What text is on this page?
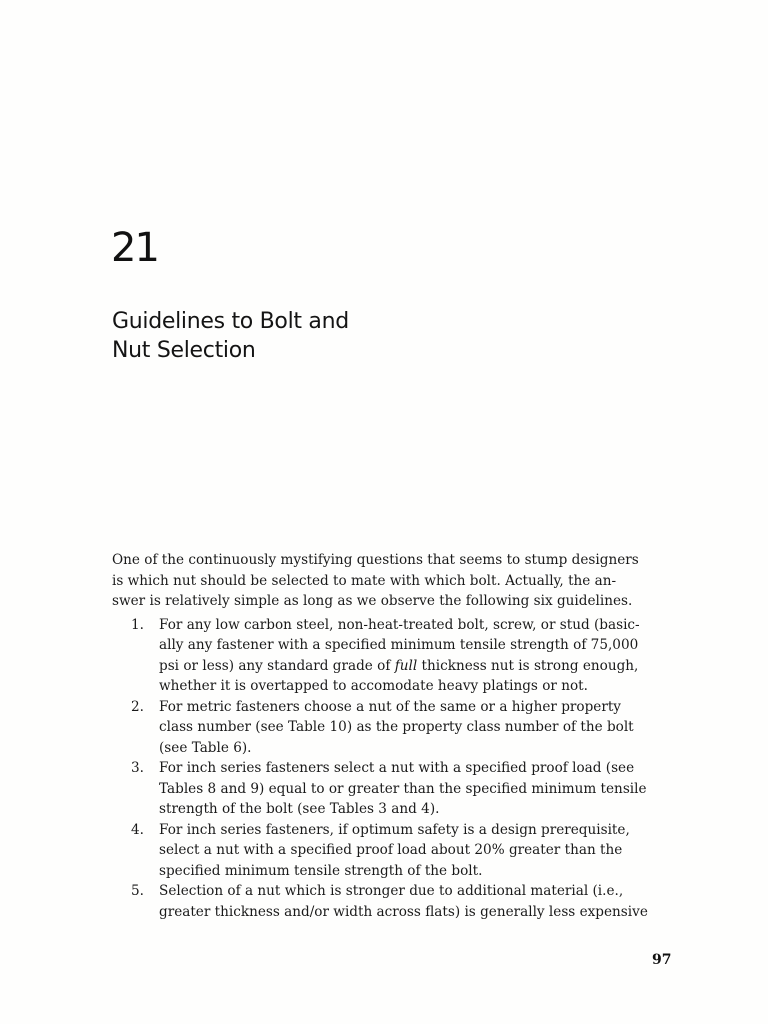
21
Guidelines to Bolt and
Nut Selection

One of the continuously mystifying questions that seems to stump designers
is which nut should be selected to mate with which bolt. Actually, the an-
swer is relatively simple as long as we observe the following six guidelines.

1. For any low carbon steel, non-heat-treated bolt, screw, or stud (basic-
ally any fastener with a specified minimum tensile strength of 75,000
psi or less) any standard grade of full thickness nut is strong enough,
whether it is overtapped to accomodate heavy platings or not.
2. For metric fasteners choose a nut of the same or a higher property
class number (see Table 10) as the property class number of the bolt
(see Table 6).
3. For inch series fasteners select a nut with a specified proof load (see
Tables 8 and 9) equal to or greater than the specified minimum tensile
strength of the bolt (see Tables 3 and 4).
4. For inch series fasteners, if optimum safety is a design prerequisite,
select a nut with a specified proof load about 20% greater than the
specified minimum tensile strength of the bolt.
5. Selection of a nut which is stronger due to additional material (i.e.,
greater thickness and/or width across flats) is generally less expensive
97
